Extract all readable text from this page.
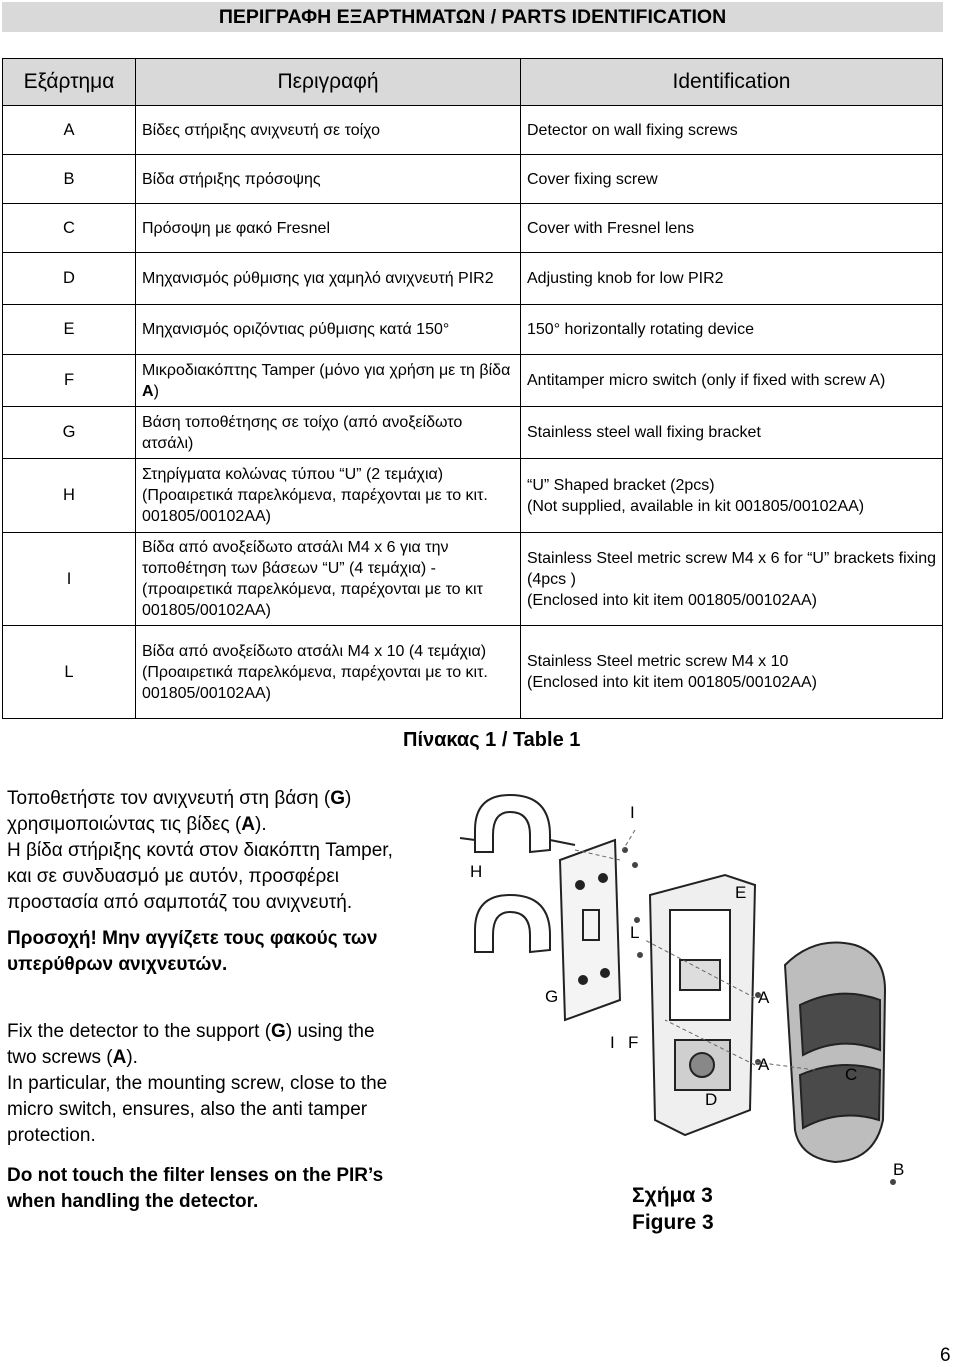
ΠΕΡΙΓΡΑΦΗ ΕΞΑΡΤΗΜΑΤΩΝ / PARTS IDENTIFICATION
Εξάρτημα	Περιγραφή	Identification
A	Βίδες στήριξης ανιχνευτή σε τοίχο	Detector on wall fixing screws
B	Βίδα στήριξης πρόσοψης	Cover fixing screw
C	Πρόσοψη με φακό Fresnel	Cover with Fresnel lens
D	Μηχανισμός ρύθμισης για χαμηλό ανιχνευτή PIR2	Adjusting knob for low PIR2
E	Μηχανισμός οριζόντιας ρύθμισης κατά 150°	150° horizontally rotating device
F	Μικροδιακόπτης Tamper (μόνο για χρήση με τη βίδα A)	Antitamper micro switch (only if fixed with screw A)
G	Βάση τοποθέτησης σε τοίχο (από ανοξείδωτο ατσάλι)	Stainless steel wall fixing bracket
H	Στηρίγματα κολώνας τύπου “U” (2 τεμάχια) (Προαιρετικά παρελκόμενα, παρέχονται με το κιτ. 001805/00102AA)	“U” Shaped bracket (2pcs)
(Not supplied, available in kit 001805/00102AA)

I	Βίδα από ανοξείδωτο ατσάλι M4 x 6 για την τοποθέτηση των βάσεων “U” (4 τεμάχια) - (προαιρετικά παρελκόμενα, παρέχονται με το κιτ 001805/00102AA)	Stainless Steel metric screw M4 x 6 for “U” brackets fixing (4pcs )
(Enclosed into kit item 001805/00102AA)

L	Βίδα από ανοξείδωτο ατσάλι M4 x 10 (4 τεμάχια) (Προαιρετικά παρελκόμενα, παρέχονται με το κιτ. 001805/00102AA)	Stainless Steel metric screw M4 x 10
(Enclosed into kit item 001805/00102AA)
Πίνακας 1 / Table 1

Τοποθετήστε τον ανιχνευτή στη βάση (G)

χρησιμοποιώντας τις βίδες (A).

Η βίδα στήριξης κοντά στον διακόπτη Tamper,

και σε συνδυασμό με αυτόν, προσφέρει

προστασία από σαμποτάζ του ανιχνευτή.

Προσοχή! Μην αγγίζετε τους φακούς των υπερύθρων ανιχνευτών.

Fix the detector to the support (G) using the

two screws (A).

In particular, the mounting screw, close to the micro switch, ensures, also the anti tamper protection.

Do not touch the filter lenses on the PIR’s when handling the detector.

H
I
E
L
G	A
I F
A
C
D
B
Σχήμα 3
Figure 3
6
